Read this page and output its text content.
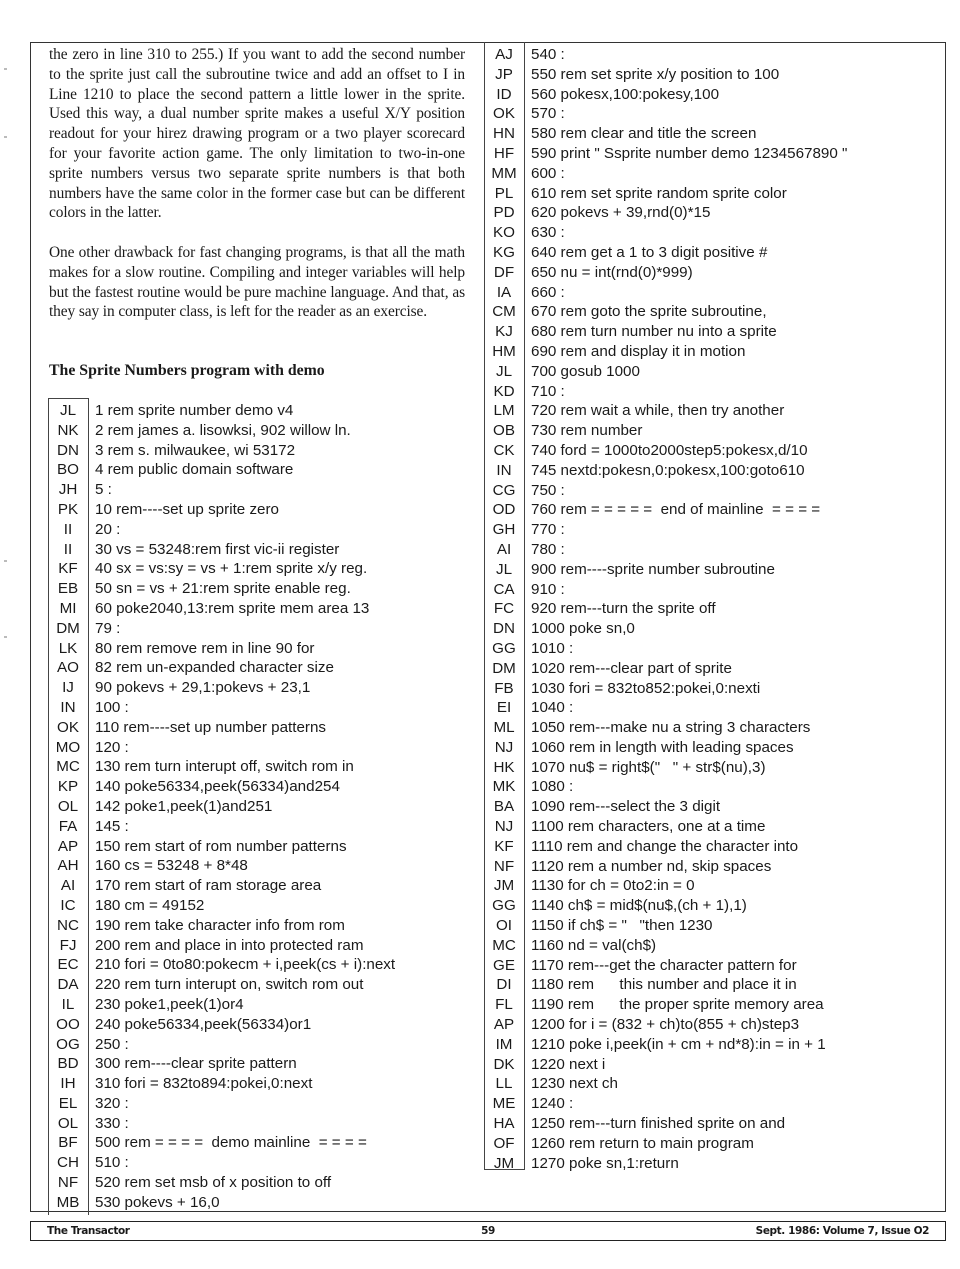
the zero in line 310 to 255.) If you want to add the second number to the sprite just call the subroutine twice and add an offset to I in Line 1210 to place the second pattern a little lower in the sprite. Used this way, a dual number sprite makes a useful X/Y position readout for your hirez drawing program or a two player scorecard for your favorite action game. The only limitation to two-in-one sprite numbers versus two separate sprite numbers is that both numbers have the same color in the former case but can be different colors in the latter.

One other drawback for fast changing programs, is that all the math makes for a slow routine. Compiling and integer variables will help but the fastest routine would be pure machine language. And that, as they say in computer class, is left for the reader as an exercise.

The Sprite Numbers program with demo
JL	1 rem sprite number demo v4
NK	2 rem james a. lisowksi, 902 willow ln.
DN	3 rem s. milwaukee, wi 53172
BO	4 rem public domain software
JH	5 :
PK	10 rem----set up sprite zero
II	20 :
II	30 vs = 53248:rem first vic-ii register
KF	40 sx = vs:sy = vs + 1:rem sprite x/y reg.
EB	50 sn = vs + 21:rem sprite enable reg.
MI	60 poke2040,13:rem sprite mem area 13
DM 79 :
LK	80 rem remove rem in line 90 for
AO	82 rem un-expanded character size
IJ	90 pokevs + 29,1:pokevs + 23,1
IN	100 :
OK	110 rem----set up number patterns
MO 120 :
MC 130 rem turn interupt off, switch rom in
KP	140 poke56334,peek(56334)and254
OL	142 poke1,peek(1)and251
FA	145 :
AP	150 rem start of rom number patterns
AH	160 cs = 53248 + 8*48
AI	170 rem start of ram storage area
IC	180 cm = 49152
NC	190 rem take character info from rom
FJ	200 rem and place in into protected ram
EC	210 fori = 0to80:pokecm + i,peek(cs + i):next
DA	220 rem turn interupt on, switch rom out
IL	230 poke1,peek(1)or4
OO 240 poke56334,peek(56334)or1
OG 250 :
BD	300 rem----clear sprite pattern
IH	310 fori = 832to894:pokei,0:next
EL	320 :
OL	330 :
BF	500 rem = = = =  demo mainline  = = = =
CH	510 :
NF	520 rem set msb of x position to off
MB	530 pokevs + 16,0
AJ	540 :
JP	550 rem set sprite x/y position to 100
ID	560 pokesx,100:pokesy,100
OK	570 :
HN	580 rem clear and title the screen
HF	590 print " Ssprite number demo 1234567890 "
MM 600 :
PL	610 rem set sprite random sprite color
PD	620 pokevs + 39,rnd(0)*15
KO	630 :
KG	640 rem get a 1 to 3 digit positive #
DF	650 nu = int(rnd(0)*999)
IA	660 :
CM 670 rem goto the sprite subroutine,
KJ	680 rem turn number nu into a sprite
HM 690 rem and display it in motion
JL	700 gosub 1000
KD	710 :
LM	720 rem wait a while, then try another
OB	730 rem number
CK	740 ford = 1000to2000step5:pokesx,d/10
IN	745 nextd:pokesn,0:pokesx,100:goto610
CG	750 :
OD	760 rem = = = = =  end of mainline  = = = =
GH	770 :
AI	780 :
JL	900 rem----sprite number subroutine
CA	910 :
FC	920 rem---turn the sprite off
DN	1000 poke sn,0
GG 1010 :
DM 1020 rem---clear part of sprite
FB	1030 fori = 832to852:pokei,0:nexti
EI	1040 :
ML	1050 rem---make nu a string 3 characters
NJ	1060 rem in length with leading spaces
HK	1070 nu$ = right$("   " + str$(nu),3)
MK	1080 :
BA	1090 rem---select the 3 digit
NJ	1100 rem characters, one at a time
KF	1110 rem and change the character into
NF	1120 rem a number nd, skip spaces
JM	1130 for ch = 0to2:in = 0
GG 1140 ch$ = mid$(nu$,(ch + 1),1)
OI	1150 if ch$ = "   "then 1230
MC 1160 nd = val(ch$)
GE	1170 rem---get the character pattern for
DI	1180 rem      this number and place it in
FL	1190 rem      the proper sprite memory area
AP	1200 for i = (832 + ch)to(855 + ch)step3
IM	1210 poke i,peek(in + cm + nd*8):in = in + 1
DK	1220 next i
LL	1230 next ch
ME	1240 :
HA	1250 rem---turn finished sprite on and
OF	1260 rem return to main program
JM	1270 poke sn,1:return
The Transactor	59	Sept. 1986: Volume 7, Issue O2
